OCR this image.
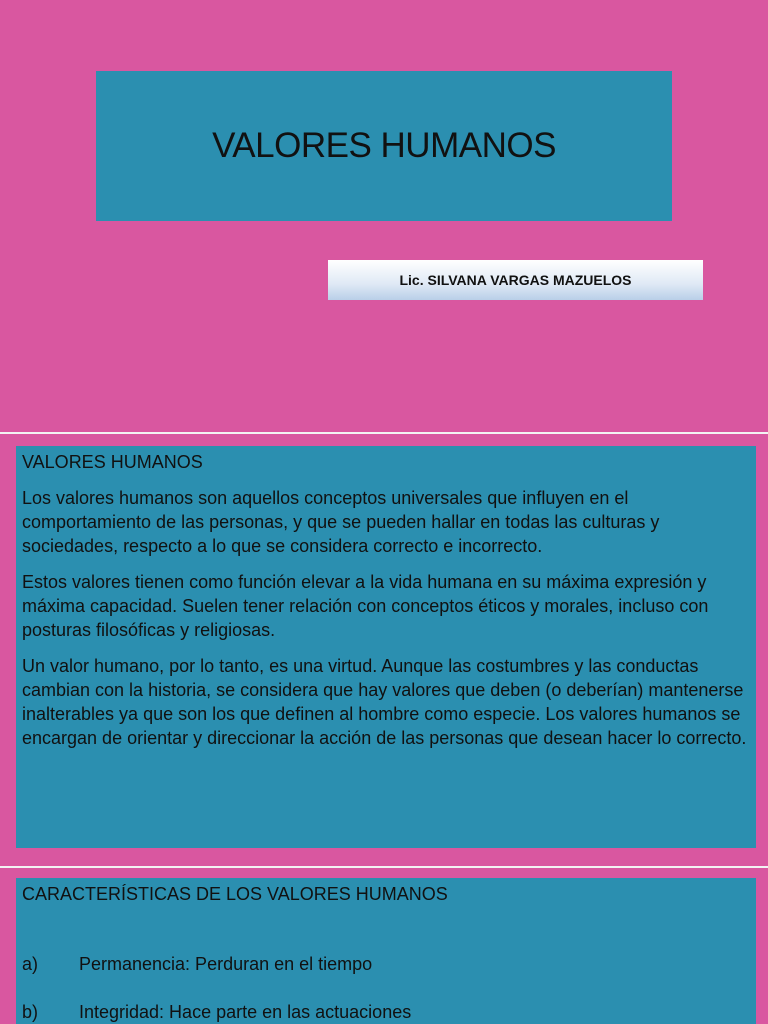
VALORES HUMANOS
Lic. SILVANA VARGAS MAZUELOS

VALORES HUMANOS

Los valores humanos son aquellos conceptos universales que influyen en el comportamiento de las personas, y que se pueden hallar en todas las culturas y sociedades, respecto a lo que se considera correcto e incorrecto.

Estos valores tienen como función elevar a la vida humana en su máxima expresión y máxima capacidad. Suelen tener relación con conceptos éticos y morales, incluso con posturas filosóficas y religiosas.

Un valor humano, por lo tanto, es una virtud. Aunque las costumbres y las conductas cambian con la historia, se considera que hay valores que deben (o deberían) mantenerse inalterables ya que son los que definen al hombre como especie. Los valores humanos se encargan de orientar y direccionar la acción de las personas que desean hacer lo correcto.

CARACTERÍSTICAS DE LOS VALORES HUMANOS
a)	Permanencia: Perduran en el tiempo
b)	Integridad: Hace parte en las actuaciones
